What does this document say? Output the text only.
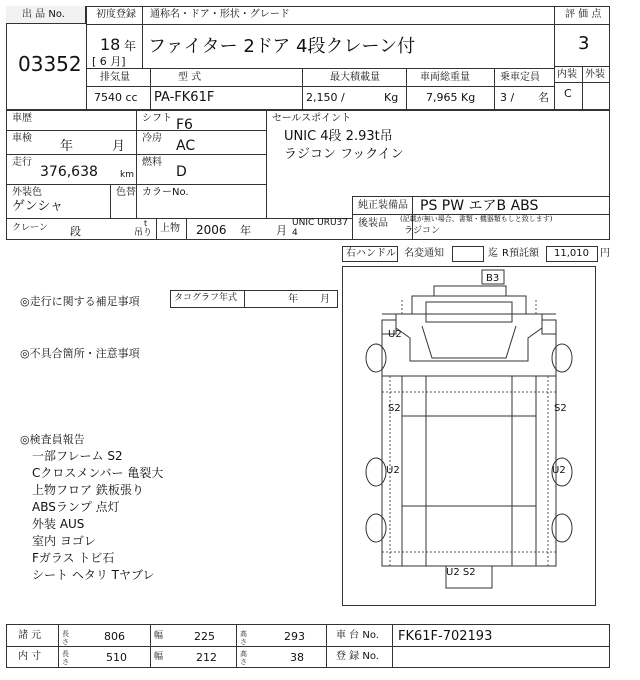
出 品 No.
03352
初度登録
18 年
[ 6 月]
通称名・ドア・形状・グレード
ファイター 2ドア 4段クレーン付
評 価 点
3
内装 外装
C
排気量
7540 cc
型 式
PA-FK61F
最大積載量
2,150 /	Kg
車両総重量
7,965 Kg
乗車定員
3 / 名
車歴	シフト F6
車検
年	月
冷房 AC
走行
376,638 km
燃料
D
外装色
ゲンシャ
色替 カラーNo.
セールスポイント
UNIC 4段 2.93t吊
ラジコン フックイン
純正装備品 PS PW エアB ABS
後装品 (記載が無い場合、書類・機器類もしと致します)
ラジコン
クレーン 段
t
吊り 上物 2006 年 月
UNIC URU37
4
右ハンドル 名変通知	迄 R預託額 11,010 円
◎走行に関する補足事項	タコグラフ年式	年 月
◎不具合箇所・注意事項
◎検査員報告
一部フレーム S2
Cクロスメンバー 亀裂大
上物フロア 鉄板張り
ABSランプ 点灯
外装 AUS
室内 ヨゴレ
Fガラス トビ石
シート ヘタリ Tヤブレ
B3
U2
S2	S2
U2	U2
U2 S2
諸 元	長さ	806	幅	225	高さ	293	車 台 No. FK61F-702193
内 寸	長さ	510	幅	212	高さ	38	登 録 No.
